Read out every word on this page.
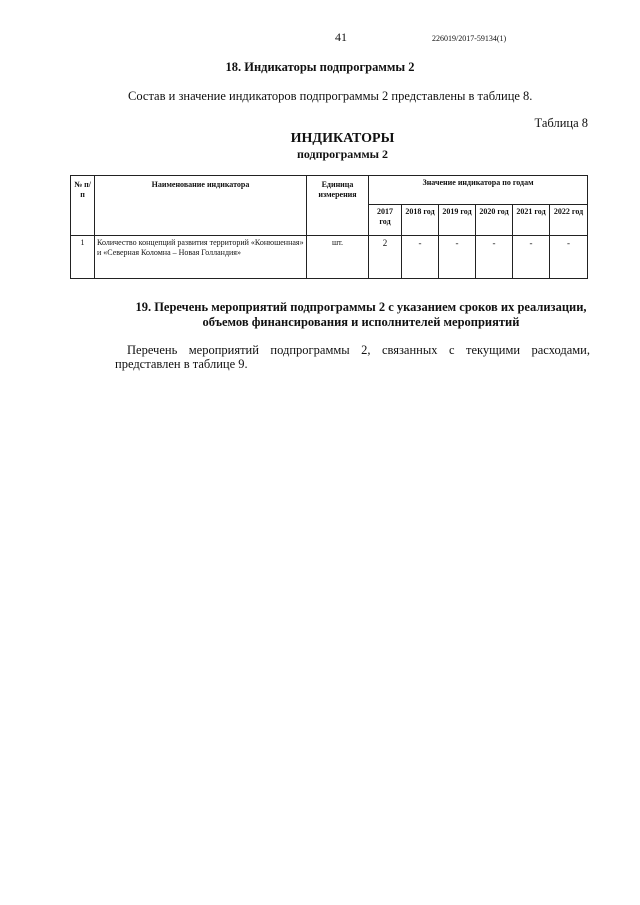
41	226019/2017-59134(1)
18. Индикаторы подпрограммы 2
Состав и значение индикаторов подпрограммы 2 представлены в таблице 8.
Таблица 8
ИНДИКАТОРЫ
подпрограммы 2
№ п/п	Наименование индикатора	Единица измерения	Значение индикатора по годам					
			2017 год	2018 год	2019 год	2020 год	2021 год	2022 год
1	Количество концепций развития территорий «Конюшенная» и «Северная Коломна – Новая Голландия»	шт.	2	-	-	-	-	-
19. Перечень мероприятий подпрограммы 2 с указанием сроков их реализации,
объемов финансирования и исполнителей мероприятий
Перечень мероприятий подпрограммы 2, связанных с текущими расходами,
представлен в таблице 9.
